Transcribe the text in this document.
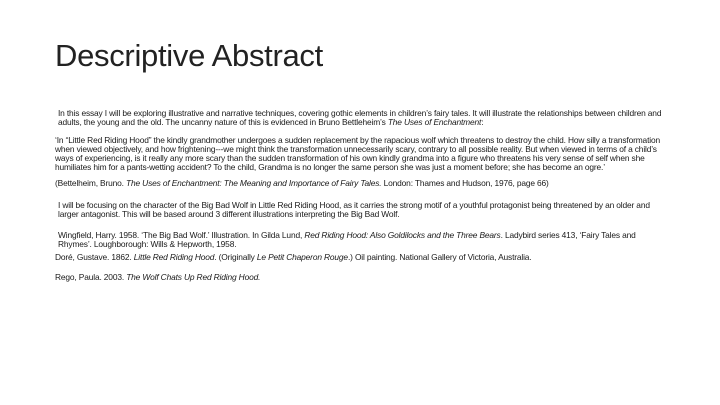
Descriptive Abstract

In this essay I will be exploring illustrative and narrative techniques, covering gothic elements in children’s fairy tales. It will illustrate the relationships between children and adults, the young and the old. The uncanny nature of this is evidenced in Bruno Bettleheim’s The Uses of Enchantment:

‘In “Little Red Riding Hood” the kindly grandmother undergoes a sudden replacement by the rapacious wolf which threatens to destroy the child. How silly a transformation when viewed objectively, and how frightening---we might think the transformation unnecessarily scary, contrary to all possible reality. But when viewed in terms of a child’s ways of experiencing, is it really any more scary than the sudden transformation of his own kindly grandma into a figure who threatens his very sense of self when she humiliates him for a pants-wetting accident? To the child, Grandma is no longer the same person she was just a moment before; she has become an ogre.’

(Bettelheim, Bruno. The Uses of Enchantment: The Meaning and Importance of Fairy Tales. London: Thames and Hudson, 1976, page 66)

I will be focusing on the character of the Big Bad Wolf in Little Red Riding Hood, as it carries the strong motif of a youthful protagonist being threatened by an older and larger antagonist. This will be based around 3 different illustrations interpreting the Big Bad Wolf.

Wingfield, Harry. 1958. ‘The Big Bad Wolf.’ Illustration. In Gilda Lund, Red Riding Hood: Also Goldilocks and the Three Bears. Ladybird series 413, ‘Fairy Tales and Rhymes’. Loughborough: Wills & Hepworth, 1958.

Doré, Gustave. 1862. Little Red Riding Hood. (Originally Le Petit Chaperon Rouge.) Oil painting. National Gallery of Victoria, Australia.

Rego, Paula. 2003. The Wolf Chats Up Red Riding Hood.
